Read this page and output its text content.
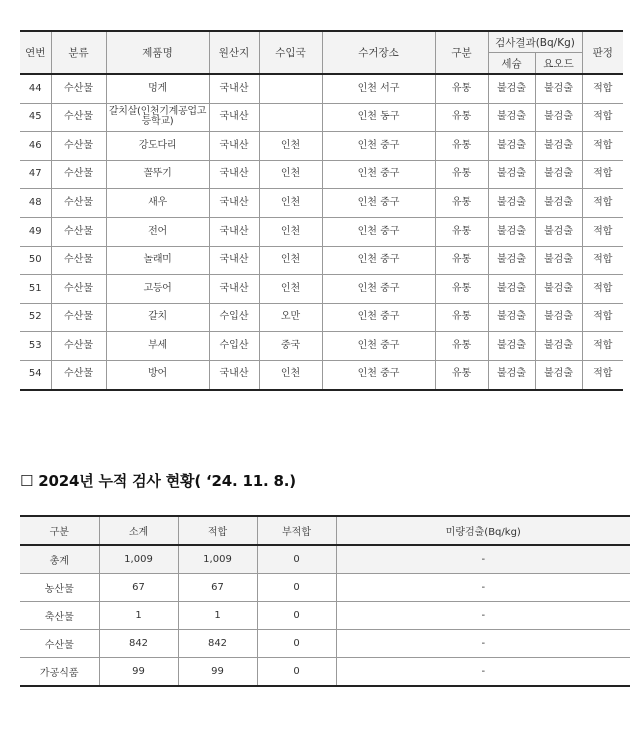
연번	분류	제품명	원산지	수입국	수거장소	구분	검사결과(Bq/Kg)		판정
							세슘	요오드	
44	수산물	멍게	국내산		인천 서구	유통	불검출	불검출	적합
45	수산물	갈치살(인천기계공업고등학교)	국내산		인천 동구	유통	불검출	불검출	적합
46	수산물	강도다리	국내산	인천	인천 중구	유통	불검출	불검출	적합
47	수산물	꼴뚜기	국내산	인천	인천 중구	유통	불검출	불검출	적합
48	수산물	새우	국내산	인천	인천 중구	유통	불검출	불검출	적합
49	수산물	전어	국내산	인천	인천 중구	유통	불검출	불검출	적합
50	수산물	놀래미	국내산	인천	인천 중구	유통	불검출	불검출	적합
51	수산물	고등어	국내산	인천	인천 중구	유통	불검출	불검출	적합
52	수산물	갈치	수입산	오만	인천 중구	유통	불검출	불검출	적합
53	수산물	부세	수입산	중국	인천 중구	유통	불검출	불검출	적합
54	수산물	방어	국내산	인천	인천 중구	유통	불검출	불검출	적합
☐ 2024년 누적 검사 현황( ‘24. 11. 8.)
구분	소계	적합	부적합	미량검출(Bq/kg)
총계	1,009	1,009	0	-
농산물	67	67	0	-
축산물	1	1	0	-
수산물	842	842	0	-
가공식품	99	99	0	-
